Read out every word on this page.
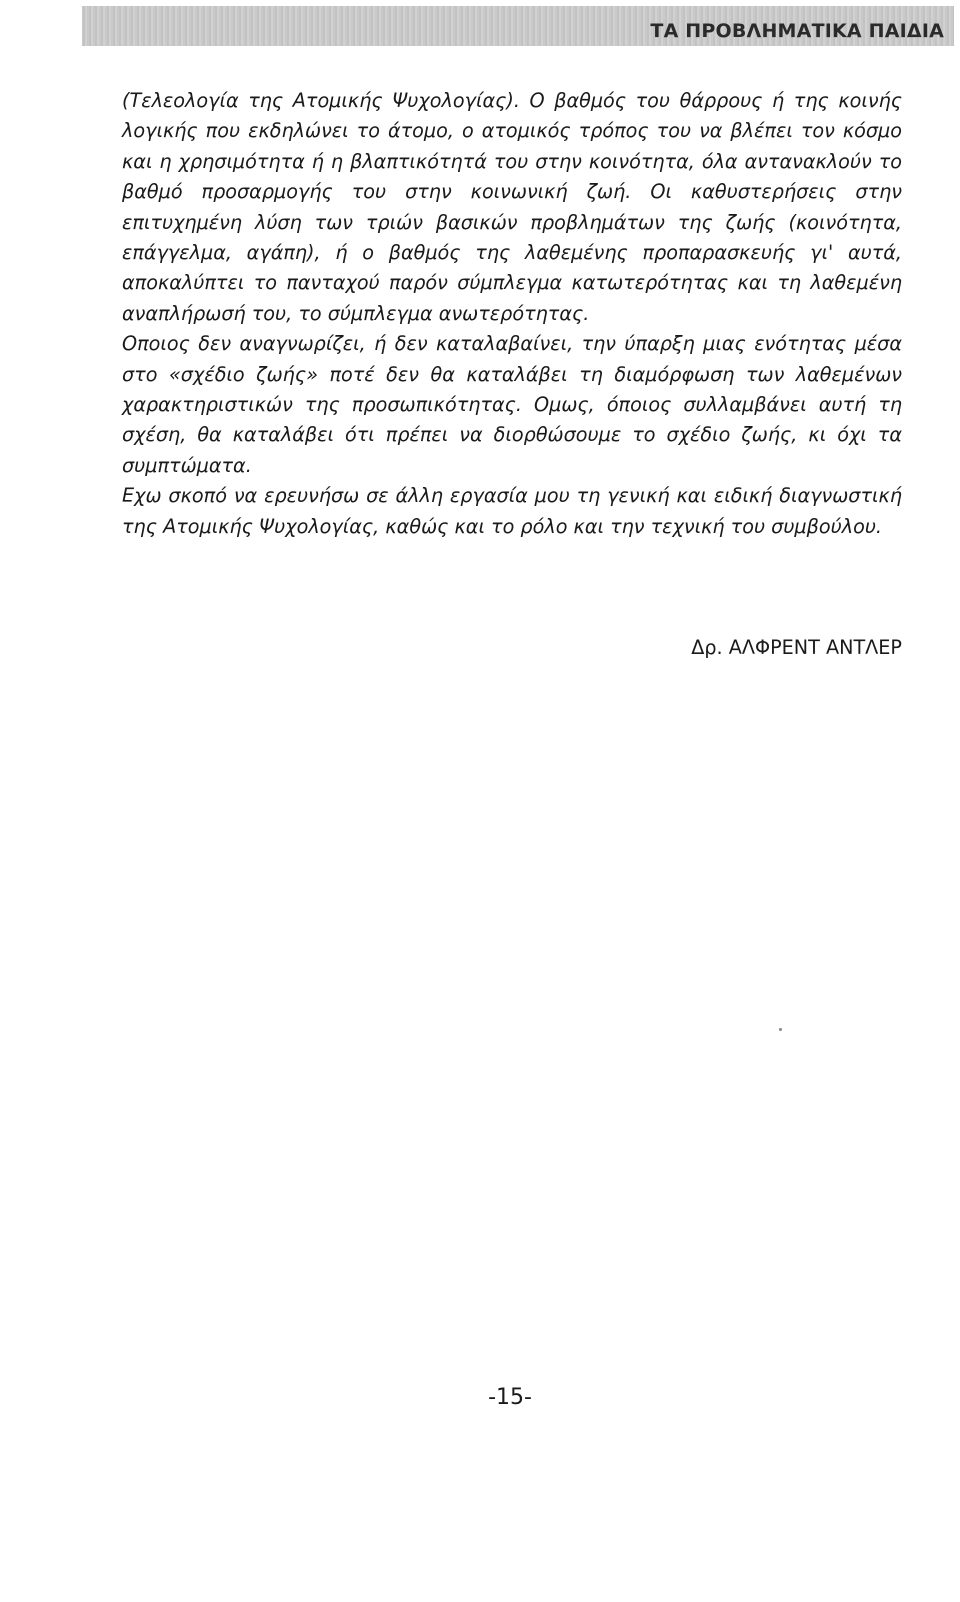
ΤΑ ΠΡΟΒΛΗΜΑΤΙΚΑ ΠΑΙΔΙΑ

(Τελεολογία της Ατομικής Ψυχολογίας). Ο βαθμός του θάρρους ή της κοινής λογικής που εκδηλώνει το άτομο, ο ατομικός τρόπος του να βλέπει τον κόσμο και η χρησιμότητα ή η βλαπτικότητά του στην κοινότητα, όλα αντανακλούν το βαθμό προσαρμογής του στην κοινωνική ζωή. Οι καθυστερήσεις στην επιτυχημένη λύση των τριών βασικών προβλημάτων της ζωής (κοινότητα, επάγγελμα, αγάπη), ή ο βαθμός της λαθεμένης προπαρασκευής γι' αυτά, αποκαλύπτει το πανταχού παρόν σύμπλεγμα κατωτερότητας και τη λαθεμένη αναπλήρωσή του, το σύμπλεγμα ανωτερότητας.

Οποιος δεν αναγνωρίζει, ή δεν καταλαβαίνει, την ύπαρξη μιας ενότητας μέσα στο «σχέδιο ζωής» ποτέ δεν θα καταλάβει τη διαμόρφωση των λαθεμένων χαρακτηριστικών της προσωπικότητας. Ομως, όποιος συλλαμβάνει αυτή τη σχέση, θα καταλάβει ότι πρέπει να διορθώσουμε το σχέδιο ζωής, κι όχι τα συμπτώματα.

Εχω σκοπό να ερευνήσω σε άλλη εργασία μου τη γενική και ειδική διαγνωστική της Ατομικής Ψυχολογίας, καθώς και το ρόλο και την τεχνική του συμβούλου.

Δρ. ΑΛΦΡΕΝΤ ΑΝΤΛΕΡ

-15-
